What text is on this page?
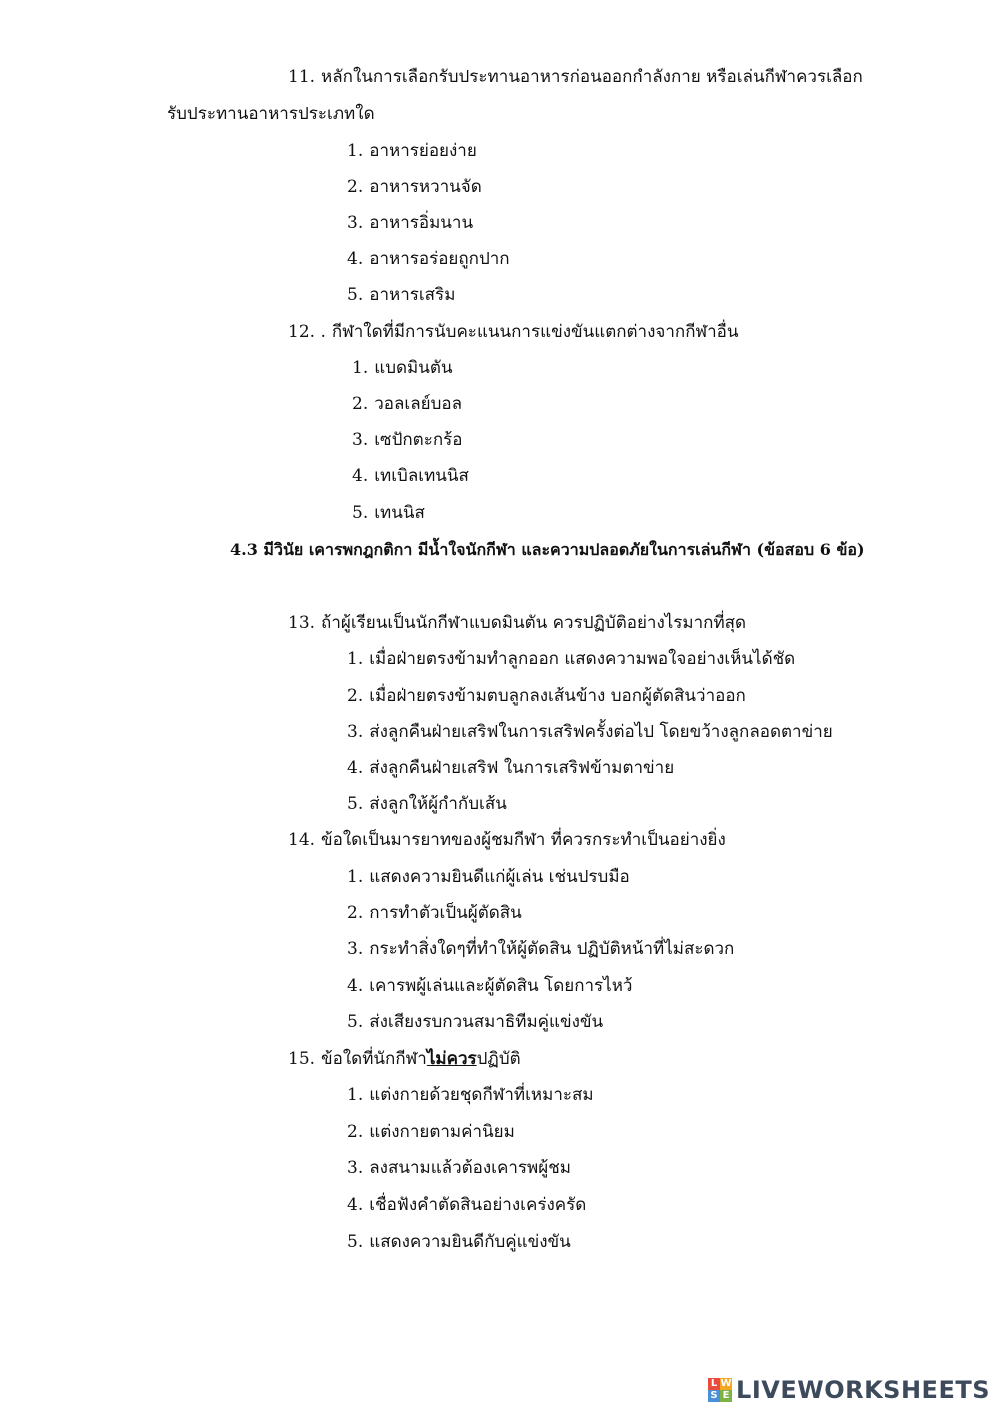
11. หลักในการเลือกรับประทานอาหารก่อนออกกำลังกาย หรือเล่นกีฬาควรเลือก
รับประทานอาหารประเภทใด
1. อาหารย่อยง่าย
2. อาหารหวานจัด
3. อาหารอิ่มนาน
4. อาหารอร่อยถูกปาก
5. อาหารเสริม
12. . กีฬาใดที่มีการนับคะแนนการแข่งขันแตกต่างจากกีฬาอื่น
1. แบดมินตัน
2. วอลเลย์บอล
3. เซปักตะกร้อ
4. เทเบิลเทนนิส
5. เทนนิส
4.3 มีวินัย เคารพกฎกติกา มีน้ำใจนักกีฬา และความปลอดภัยในการเล่นกีฬา (ข้อสอบ 6 ข้อ)
13. ถ้าผู้เรียนเป็นนักกีฬาแบดมินตัน ควรปฏิบัติอย่างไรมากที่สุด
1. เมื่อฝ่ายตรงข้ามทำลูกออก แสดงความพอใจอย่างเห็นได้ชัด
2. เมื่อฝ่ายตรงข้ามตบลูกลงเส้นข้าง บอกผู้ตัดสินว่าออก
3. ส่งลูกคืนฝ่ายเสริฟในการเสริฟครั้งต่อไป โดยขว้างลูกลอดตาข่าย
4. ส่งลูกคืนฝ่ายเสริฟ ในการเสริฟข้ามตาข่าย
5. ส่งลูกให้ผู้กำกับเส้น
14. ข้อใดเป็นมารยาทของผู้ชมกีฬา ที่ควรกระทำเป็นอย่างยิ่ง
1. แสดงความยินดีแก่ผู้เล่น เช่นปรบมือ
2. การทำตัวเป็นผู้ตัดสิน
3. กระทำสิ่งใดๆที่ทำให้ผู้ตัดสิน ปฏิบัติหน้าที่ไม่สะดวก
4. เคารพผู้เล่นและผู้ตัดสิน โดยการไหว้
5. ส่งเสียงรบกวนสมาธิทีมคู่แข่งขัน
15. ข้อใดที่นักกีฬาไม่ควรปฏิบัติ
1. แต่งกายด้วยชุดกีฬาที่เหมาะสม
2. แต่งกายตามค่านิยม
3. ลงสนามแล้วต้องเคารพผู้ชม
4. เชื่อฟังคำตัดสินอย่างเคร่งครัด
5. แสดงความยินดีกับคู่แข่งขัน
L W
S E LIVEWORKSHEETS
